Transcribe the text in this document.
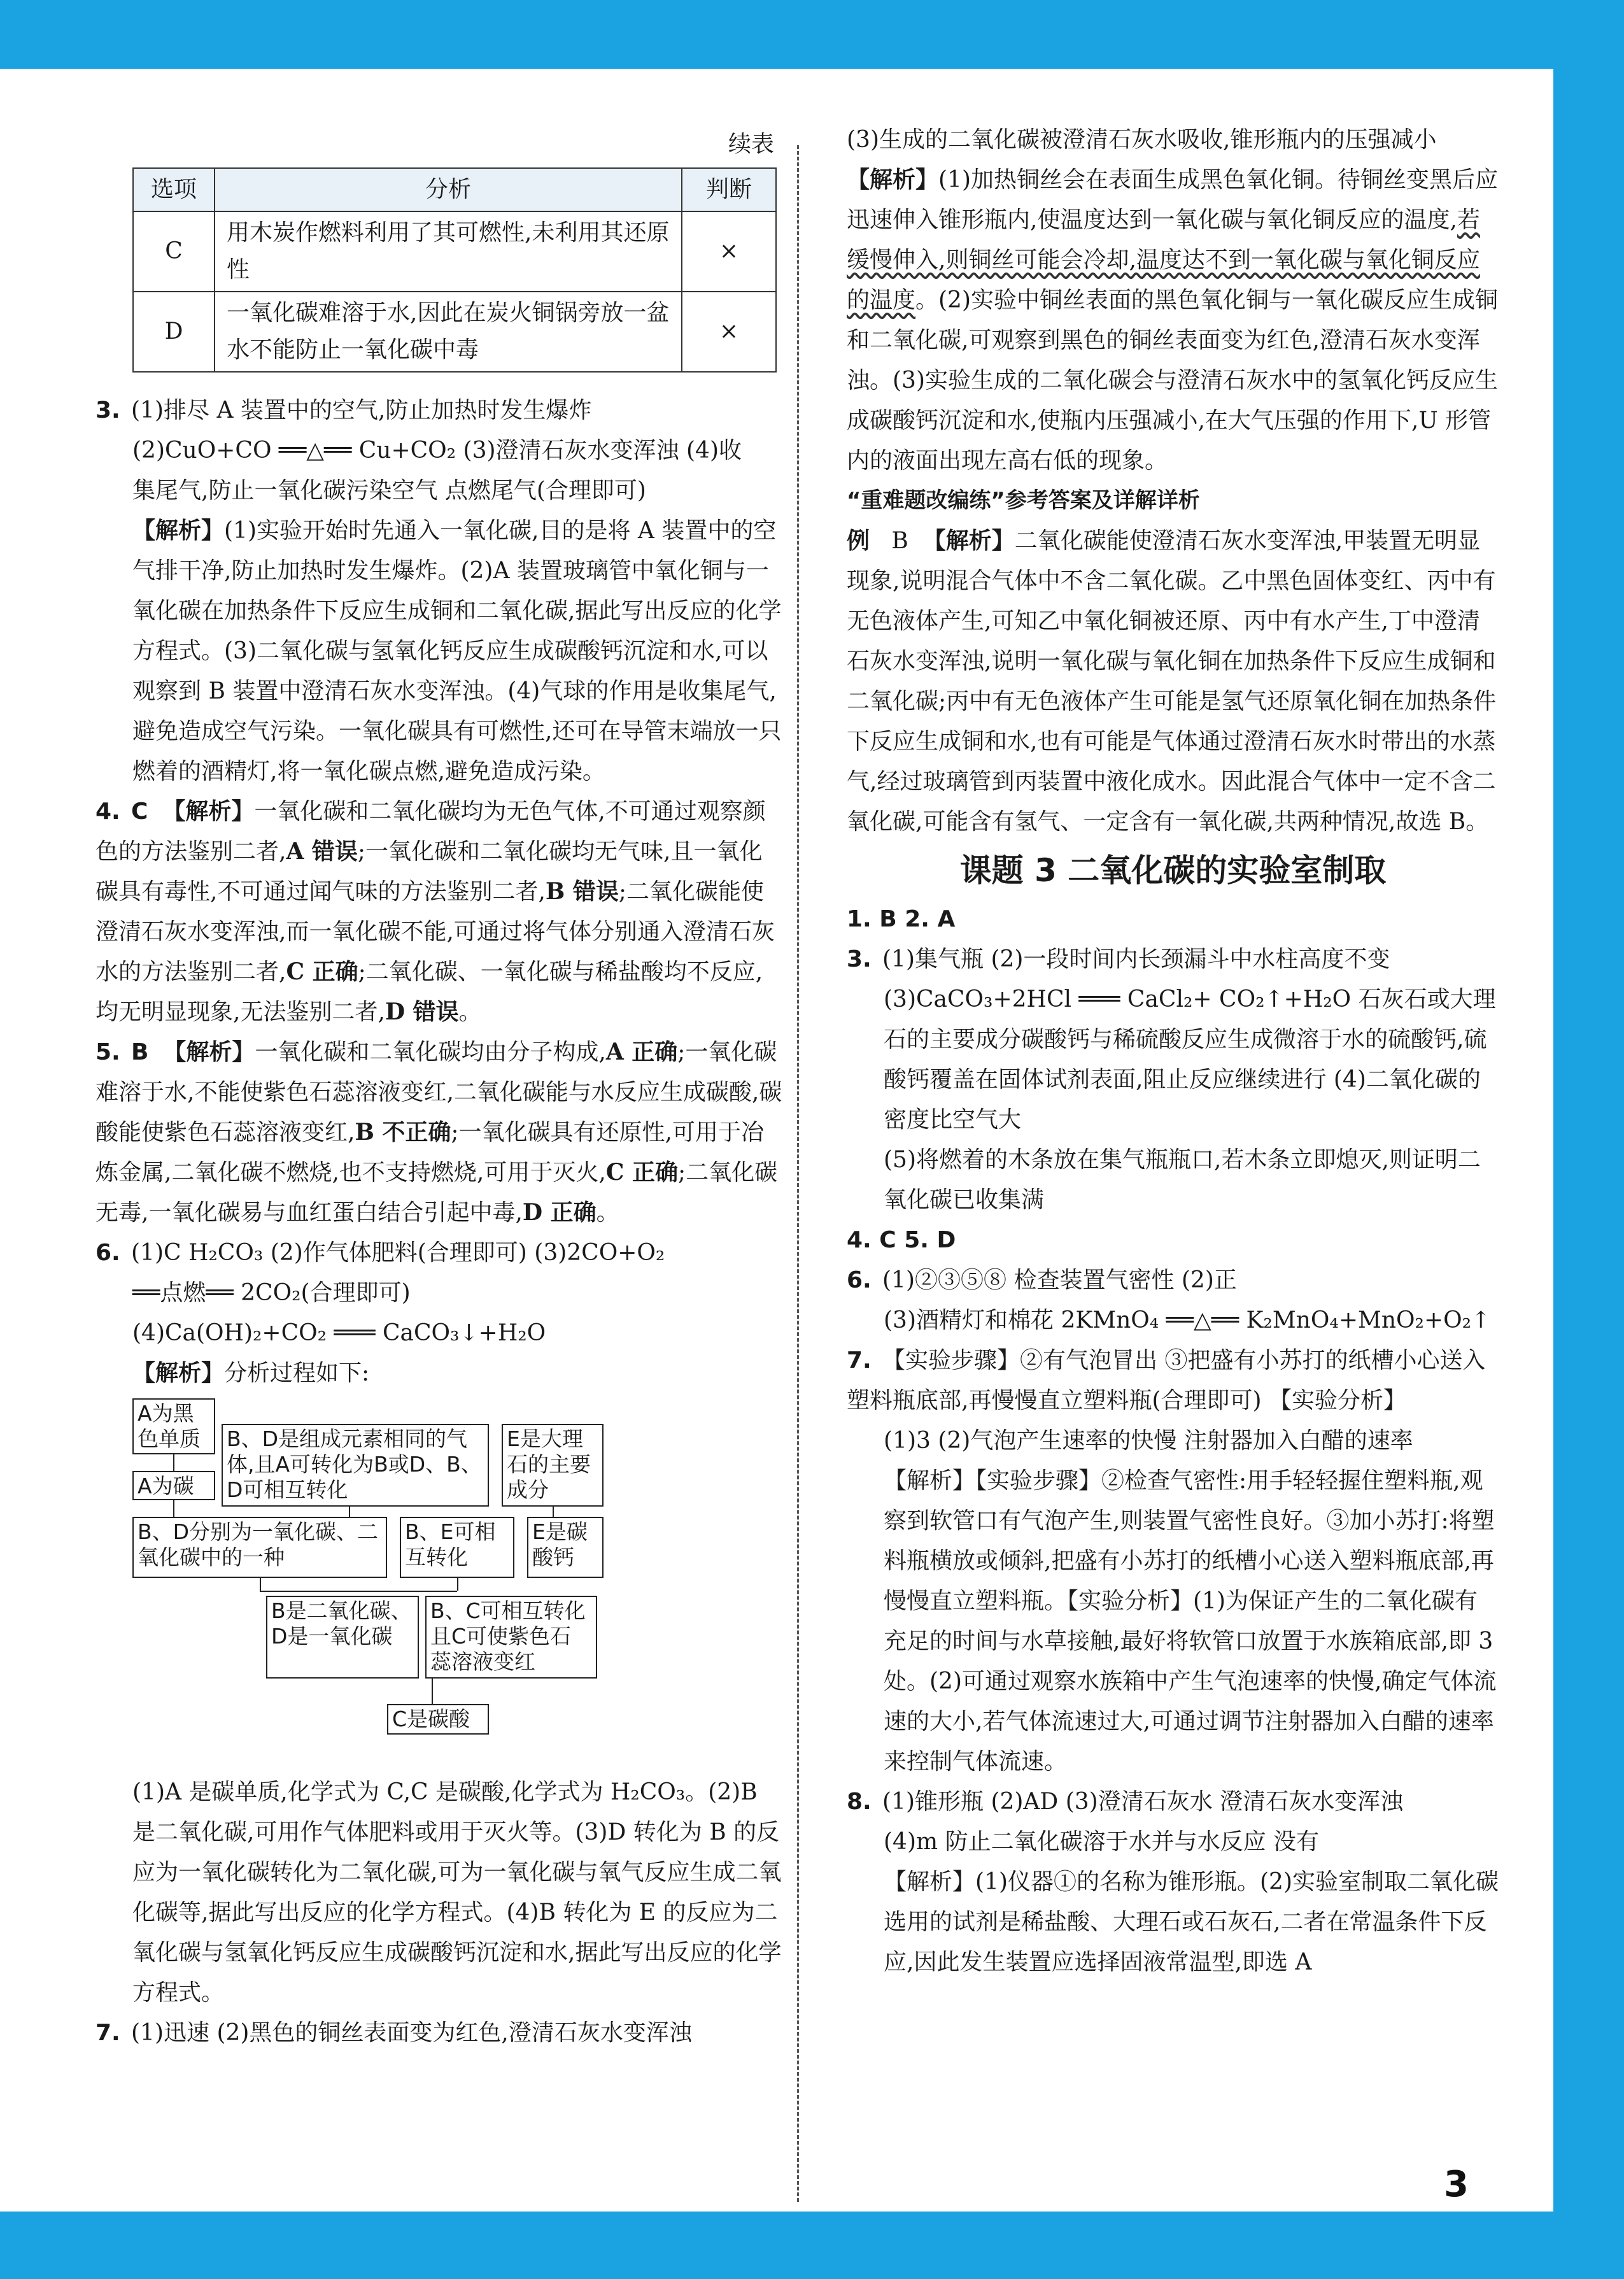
续表
选项	分析	判断
C	用木炭作燃料利用了其可燃性,未利用其还原性	×
D	一氧化碳难溶于水,因此在炭火铜锅旁放一盆水不能防止一氧化碳中毒	×

3. (1)排尽 A 装置中的空气,防止加热时发生爆炸

(2)CuO+CO ══△══ Cu+CO₂ (3)澄清石灰水变浑浊 (4)收

集尾气,防止一氧化碳污染空气 点燃尾气(合理即可)

【解析】(1)实验开始时先通入一氧化碳,目的是将 A 装置中的空气排干净,防止加热时发生爆炸。(2)A 装置玻璃管中氧化铜与一氧化碳在加热条件下反应生成铜和二氧化碳,据此写出反应的化学方程式。(3)二氧化碳与氢氧化钙反应生成碳酸钙沉淀和水,可以观察到 B 装置中澄清石灰水变浑浊。(4)气球的作用是收集尾气,避免造成空气污染。一氧化碳具有可燃性,还可在导管末端放一只燃着的酒精灯,将一氧化碳点燃,避免造成污染。

4. C 【解析】一氧化碳和二氧化碳均为无色气体,不可通过观察颜色的方法鉴别二者,A 错误;一氧化碳和二氧化碳均无气味,且一氧化碳具有毒性,不可通过闻气味的方法鉴别二者,B 错误;二氧化碳能使澄清石灰水变浑浊,而一氧化碳不能,可通过将气体分别通入澄清石灰水的方法鉴别二者,C 正确;二氧化碳、一氧化碳与稀盐酸均不反应,均无明显现象,无法鉴别二者,D 错误。

5. B 【解析】一氧化碳和二氧化碳均由分子构成,A 正确;一氧化碳难溶于水,不能使紫色石蕊溶液变红,二氧化碳能与水反应生成碳酸,碳酸能使紫色石蕊溶液变红,B 不正确;一氧化碳具有还原性,可用于冶炼金属,二氧化碳不燃烧,也不支持燃烧,可用于灭火,C 正确;二氧化碳无毒,一氧化碳易与血红蛋白结合引起中毒,D 正确。

6. (1)C H₂CO₃ (2)作气体肥料(合理即可) (3)2CO+O₂

══点燃══ 2CO₂(合理即可)

(4)Ca(OH)₂+CO₂ ═══ CaCO₃↓+H₂O

【解析】分析过程如下:

A为黑色单质
A为碳
B、D是组成元素相同的气体,且A可转化为B或D、B、D可相互转化
E是大理石的主要成分
B、D分别为一氧化碳、二氧化碳中的一种
B、E可相互转化
E是碳酸钙
B是二氧化碳、D是一氧化碳
B、C可相互转化且C可使紫色石蕊溶液变红
C是碳酸

(1)A 是碳单质,化学式为 C,C 是碳酸,化学式为 H₂CO₃。(2)B 是二氧化碳,可用作气体肥料或用于灭火等。(3)D 转化为 B 的反应为一氧化碳转化为二氧化碳,可为一氧化碳与氧气反应生成二氧化碳等,据此写出反应的化学方程式。(4)B 转化为 E 的反应为二氧化碳与氢氧化钙反应生成碳酸钙沉淀和水,据此写出反应的化学方程式。

7. (1)迅速 (2)黑色的铜丝表面变为红色,澄清石灰水变浑浊

(3)生成的二氧化碳被澄清石灰水吸收,锥形瓶内的压强减小

【解析】(1)加热铜丝会在表面生成黑色氧化铜。待铜丝变黑后应迅速伸入锥形瓶内,使温度达到一氧化碳与氧化铜反应的温度,若缓慢伸入,则铜丝可能会冷却,温度达不到一氧化碳与氧化铜反应的温度。(2)实验中铜丝表面的黑色氧化铜与一氧化碳反应生成铜和二氧化碳,可观察到黑色的铜丝表面变为红色,澄清石灰水变浑浊。(3)实验生成的二氧化碳会与澄清石灰水中的氢氧化钙反应生成碳酸钙沉淀和水,使瓶内压强减小,在大气压强的作用下,U 形管内的液面出现左高右低的现象。

“重难题改编练”参考答案及详解详析

例 B 【解析】二氧化碳能使澄清石灰水变浑浊,甲装置无明显现象,说明混合气体中不含二氧化碳。乙中黑色固体变红、丙中有无色液体产生,可知乙中氧化铜被还原、丙中有水产生,丁中澄清石灰水变浑浊,说明一氧化碳与氧化铜在加热条件下反应生成铜和二氧化碳;丙中有无色液体产生可能是氢气还原氧化铜在加热条件下反应生成铜和水,也有可能是气体通过澄清石灰水时带出的水蒸气,经过玻璃管到丙装置中液化成水。因此混合气体中一定不含二氧化碳,可能含有氢气、一定含有一氧化碳,共两种情况,故选 B。

课题 3 二氧化碳的实验室制取

1. B 2. A

3. (1)集气瓶 (2)一段时间内长颈漏斗中水柱高度不变

(3)CaCO₃+2HCl ═══ CaCl₂+ CO₂↑+H₂O 石灰石或大理石的主要成分碳酸钙与稀硫酸反应生成微溶于水的硫酸钙,硫酸钙覆盖在固体试剂表面,阻止反应继续进行 (4)二氧化碳的密度比空气大

(5)将燃着的木条放在集气瓶瓶口,若木条立即熄灭,则证明二氧化碳已收集满

4. C 5. D

6. (1)②③⑤⑧ 检查装置气密性 (2)正

(3)酒精灯和棉花 2KMnO₄ ══△══ K₂MnO₄+MnO₂+O₂↑

7. 【实验步骤】②有气泡冒出 ③把盛有小苏打的纸槽小心送入塑料瓶底部,再慢慢直立塑料瓶(合理即可) 【实验分析】

(1)3 (2)气泡产生速率的快慢 注射器加入白醋的速率

【解析】【实验步骤】②检查气密性:用手轻轻握住塑料瓶,观察到软管口有气泡产生,则装置气密性良好。③加小苏打:将塑料瓶横放或倾斜,把盛有小苏打的纸槽小心送入塑料瓶底部,再慢慢直立塑料瓶。【实验分析】(1)为保证产生的二氧化碳有充足的时间与水草接触,最好将软管口放置于水族箱底部,即 3 处。(2)可通过观察水族箱中产生气泡速率的快慢,确定气体流速的大小,若气体流速过大,可通过调节注射器加入白醋的速率来控制气体流速。

8. (1)锥形瓶 (2)AD (3)澄清石灰水 澄清石灰水变浑浊

(4)m 防止二氧化碳溶于水并与水反应 没有

【解析】(1)仪器①的名称为锥形瓶。(2)实验室制取二氧化碳选用的试剂是稀盐酸、大理石或石灰石,二者在常温条件下反应,因此发生装置应选择固液常温型,即选 A

3
